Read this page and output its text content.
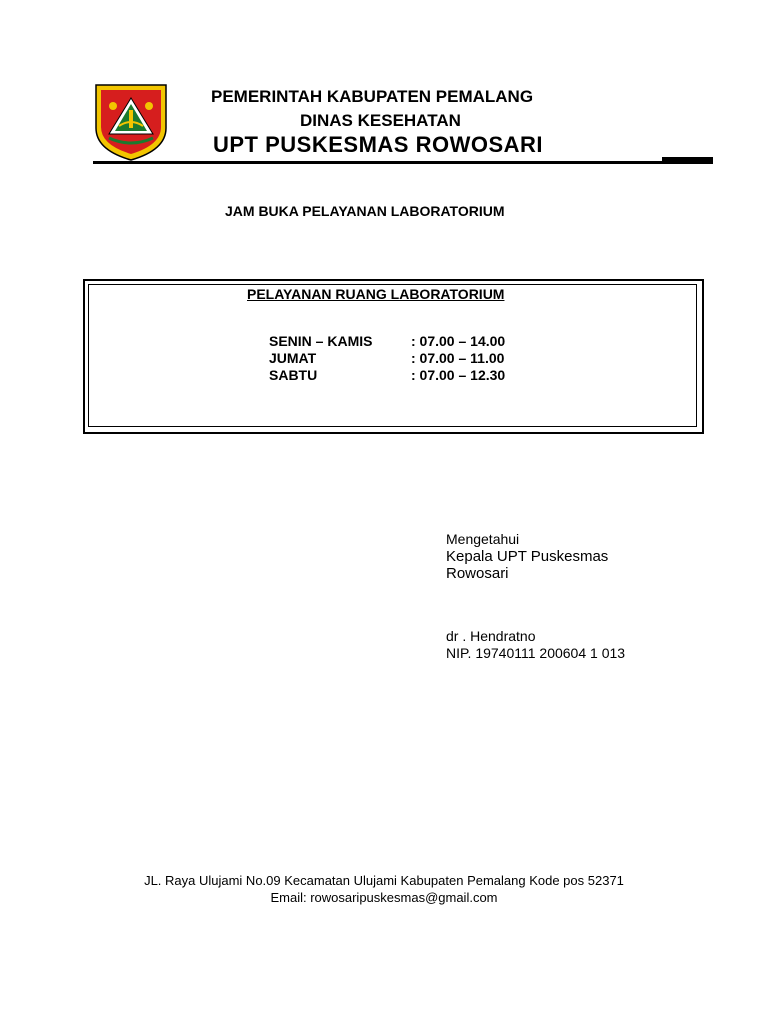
PEMERINTAH KABUPATEN PEMALANG
DINAS KESEHATAN
UPT PUSKESMAS ROWOSARI
JAM BUKA PELAYANAN LABORATORIUM
PELAYANAN RUANG LABORATORIUM
SENIN – KAMIS	: 07.00 – 14.00
JUMAT	: 07.00 – 11.00
SABTU	: 07.00 – 12.30
Mengetahui
Kepala UPT Puskesmas
Rowosari
dr . Hendratno
NIP. 19740111 200604 1 013
JL. Raya Ulujami No.09 Kecamatan Ulujami Kabupaten Pemalang Kode pos 52371
Email: rowosaripuskesmas@gmail.com
